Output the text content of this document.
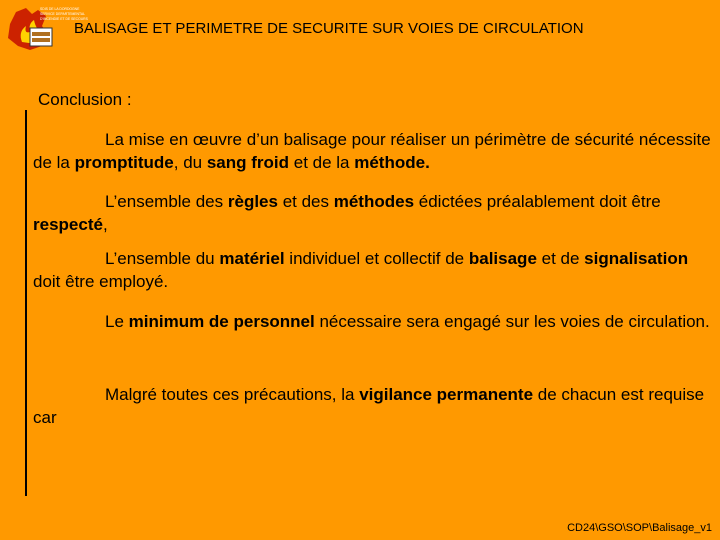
SDIS DE LA DORDOGNE
SERVICE DEPARTEMENTAL
D'INCENDIE ET DE SECOURS
BALISAGE ET PERIMETRE DE SECURITE SUR VOIES DE CIRCULATION
Conclusion :
La mise en œuvre d’un balisage pour réaliser un périmètre de sécurité nécessite de la promptitude, du sang froid et de la méthode.
L’ensemble des règles et des méthodes édictées préalablement doit être respecté,
L’ensemble du matériel individuel et collectif de balisage et de signalisation doit être employé.
Le minimum de personnel nécessaire sera engagé sur les voies de circulation.
Malgré toutes ces précautions, la vigilance permanente de chacun est requise car
CD24\GSO\SOP\Balisage_v1
